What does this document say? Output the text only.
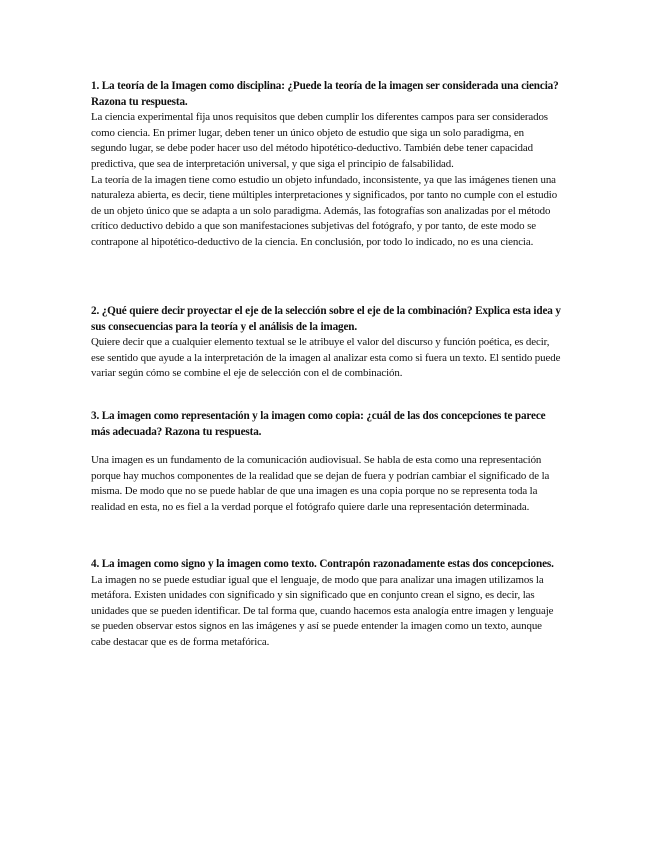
1. La teoría de la Imagen como disciplina: ¿Puede la teoría de la imagen ser considerada una ciencia? Razona tu respuesta.

La ciencia experimental fija unos requisitos que deben cumplir los diferentes campos para ser considerados como ciencia. En primer lugar, deben tener un único objeto de estudio que siga un solo paradigma, en segundo lugar, se debe poder hacer uso del método hipotético-deductivo. También debe tener capacidad predictiva, que sea de interpretación universal, y que siga el principio de falsabilidad.

La teoría de la imagen tiene como estudio un objeto infundado, inconsistente, ya que las imágenes tienen una naturaleza abierta, es decir, tiene múltiples interpretaciones y significados, por tanto no cumple con el estudio de un objeto único que se adapta a un solo paradigma. Además, las fotografías son analizadas por el método crítico deductivo debido a que son manifestaciones subjetivas del fotógrafo, y por tanto, de este modo se contrapone al hipotético-deductivo de la ciencia. En conclusión, por todo lo indicado, no es una ciencia.

2. ¿Qué quiere decir proyectar el eje de la selección sobre el eje de la combinación? Explica esta idea y sus consecuencias para la teoría y el análisis de la imagen.

Quiere decir que a cualquier elemento textual se le atribuye el valor del discurso y función poética, es decir, ese sentido que ayude a la interpretación de la imagen al analizar esta como si fuera un texto. El sentido puede variar según cómo se combine el eje de selección con el de combinación.

3. La imagen como representación y la imagen como copia: ¿cuál de las dos concepciones te parece más adecuada? Razona tu respuesta.

Una imagen es un fundamento de la comunicación audiovisual. Se habla de esta como una representación porque hay muchos componentes de la realidad que se dejan de fuera y podrían cambiar el significado de la misma. De modo que no se puede hablar de que una imagen es una copia porque no se representa toda la realidad en esta, no es fiel a la verdad porque el fotógrafo quiere darle una representación determinada.

4. La imagen como signo y la imagen como texto. Contrapón razonadamente estas dos concepciones.

La imagen no se puede estudiar igual que el lenguaje, de modo que para analizar una imagen utilizamos la metáfora. Existen unidades con significado y sin significado que en conjunto crean el signo, es decir, las unidades que se pueden identificar. De tal forma que, cuando hacemos esta analogía entre imagen y lenguaje se pueden observar estos signos en las imágenes y así se puede entender la imagen como un texto, aunque cabe destacar que es de forma metafórica.
